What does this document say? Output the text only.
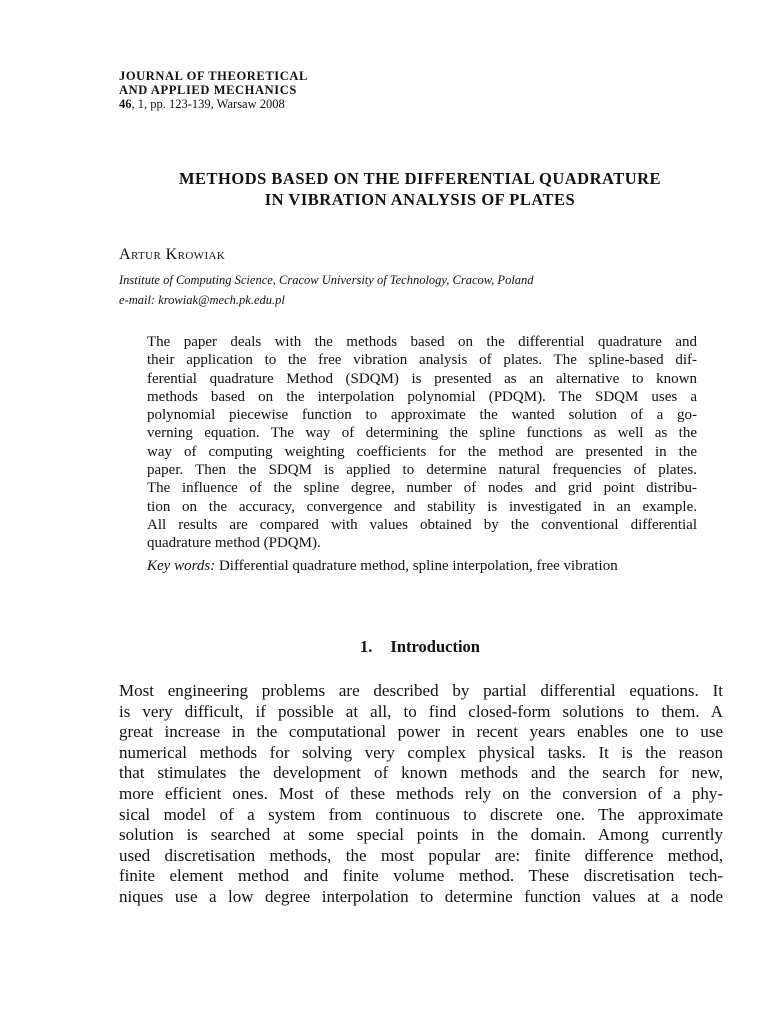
JOURNAL OF THEORETICAL
AND APPLIED MECHANICS
46, 1, pp. 123-139, Warsaw 2008
METHODS BASED ON THE DIFFERENTIAL QUADRATURE
IN VIBRATION ANALYSIS OF PLATES
Artur Krowiak
Institute of Computing Science, Cracow University of Technology, Cracow, Poland
e-mail: krowiak@mech.pk.edu.pl
The paper deals with the methods based on the differential quadrature and
their application to the free vibration analysis of plates. The spline-based dif-
ferential quadrature Method (SDQM) is presented as an alternative to known
methods based on the interpolation polynomial (PDQM). The SDQM uses a
polynomial piecewise function to approximate the wanted solution of a go-
verning equation. The way of determining the spline functions as well as the
way of computing weighting coefficients for the method are presented in the
paper. Then the SDQM is applied to determine natural frequencies of plates.
The influence of the spline degree, number of nodes and grid point distribu-
tion on the accuracy, convergence and stability is investigated in an example.
All results are compared with values obtained by the conventional differential
quadrature method (PDQM).
Key words: Differential quadrature method, spline interpolation, free vibration
1. Introduction
Most engineering problems are described by partial differential equations. It
is very difficult, if possible at all, to find closed-form solutions to them. A
great increase in the computational power in recent years enables one to use
numerical methods for solving very complex physical tasks. It is the reason
that stimulates the development of known methods and the search for new,
more efficient ones. Most of these methods rely on the conversion of a phy-
sical model of a system from continuous to discrete one. The approximate
solution is searched at some special points in the domain. Among currently
used discretisation methods, the most popular are: finite difference method,
finite element method and finite volume method. These discretisation tech-
niques use a low degree interpolation to determine function values at a node
